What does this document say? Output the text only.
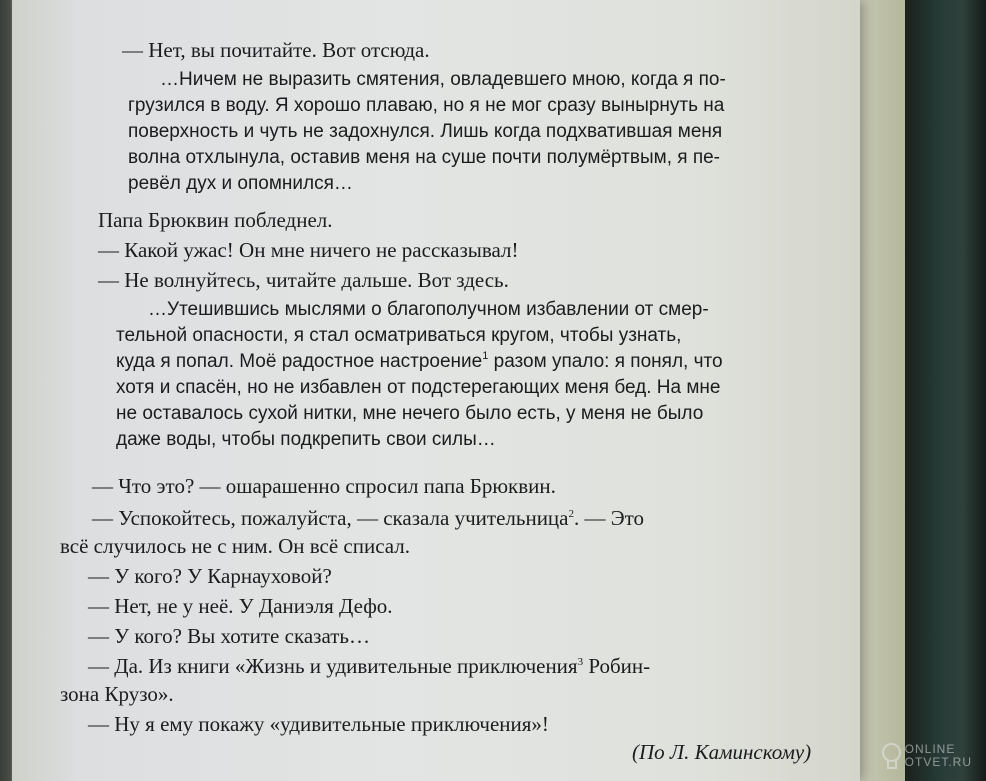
— Нет, вы почитайте. Вот отсюда.
…Ничем не выразить смятения, овладевшего мною, когда я по-
грузился в воду. Я хорошо плаваю, но я не мог сразу вынырнуть на
поверхность и чуть не задохнулся. Лишь когда подхватившая меня
волна отхлынула, оставив меня на суше почти полумёртвым, я пе-
ревёл дух и опомнился…
Папа Брюквин побледнел.
— Какой ужас! Он мне ничего не рассказывал!
— Не волнуйтесь, читайте дальше. Вот здесь.
…Утешившись мыслями о благополучном избавлении от смер-
тельной опасности, я стал осматриваться кругом, чтобы узнать,
куда я попал. Моё радостное настроение$^1$ разом упало: я понял, что
хотя и спасён, но не избавлен от подстерегающих меня бед. На мне
не оставалось сухой нитки, мне нечего было есть, у меня не было
даже воды, чтобы подкрепить свои силы…
— Что это? — ошарашенно спросил папа Брюквин.
— Успокойтесь, пожалуйста, — сказала учительница$^2$. — Это
всё случилось не с ним. Он всё списал.
— У кого? У Карнауховой?
— Нет, не у неё. У Даниэля Дефо.
— У кого? Вы хотите сказать…
— Да. Из книги «Жизнь и удивительные приключения$^3$ Робин-
зона Крузо».
— Ну я ему покажу «удивительные приключения»!
(По Л. Каминскому)	ONLINE
OTVET.RU
